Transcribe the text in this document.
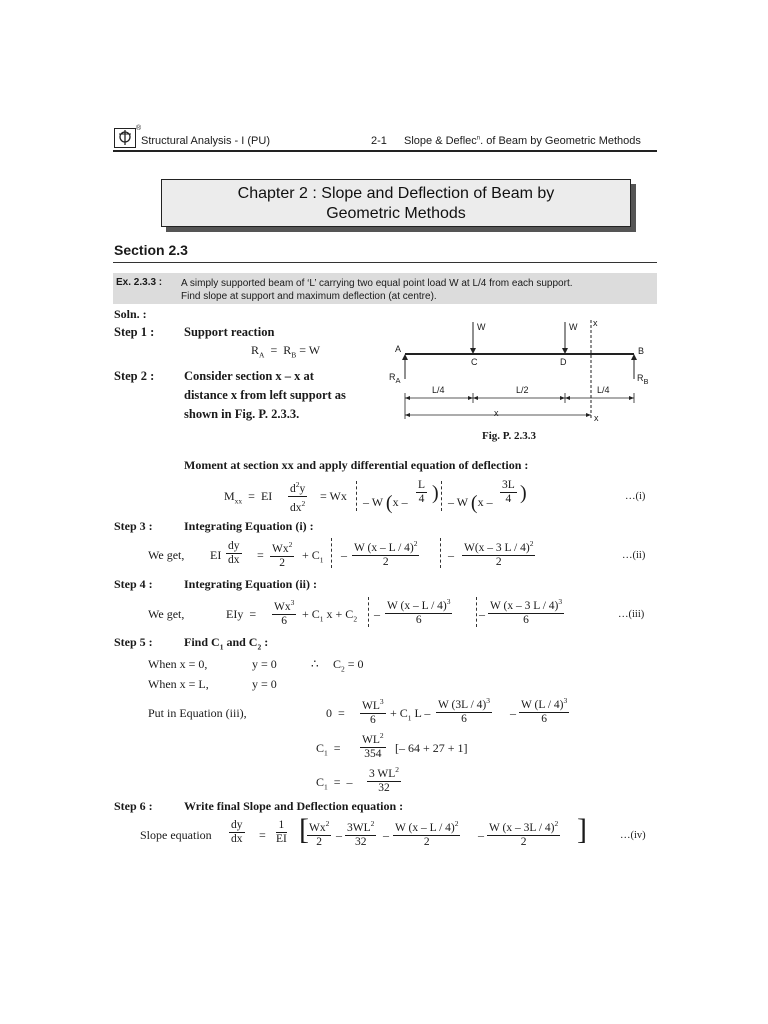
®
Structural Analysis - I (PU)	2-1 Slope & Deflec$^n$. of Beam by Geometric Methods
Chapter 2 : Slope and Deflection of Beam by
Geometric Methods
Section 2.3
Ex. 2.3.3 : A simply supported beam of ‘L’ carrying two equal point load W at L/4 from each support.
Find slope at support and maximum deflection (at centre).
Soln. :
Step 1 : Support reaction
$R_A = R_B = W$
Step 2 : Consider section x – x at
distance x from left support as
shown in Fig. P. 2.3.3.
W	W x
A	B
C	D
$R_A$	$R_B$
L/4	L/2	L/4
x	x
Fig. P. 2.3.3
Moment at section xx and apply differential equation of deflection :
$M_{xx}$  =  EI $\frac{d^2y}{dx^2} = Wx - W$ ($x - \frac{L}{4}$ ) – W ($x - \frac{3L}{4}$ )	…(i)
Step 3 :	Integrating Equation (i) :
We get, EI $\frac{dy}{dx} = \frac{Wx^2}{2} + C_1 - \frac{W (x - L / 4)^2}{2} - \frac{W(x - 3 L / 4)^2}{2}$	…(ii)
Step 4 :	Integrating Equation (ii) :
We get,	EIy  = $\frac{Wx^3}{6} + C_1$ $x + C_2 - \frac{W (x - L / 4)^3}{6} - \frac{W (x - 3 L / 4)^3}{6}$	…(iii)
Step 5 :	Find $C_1$ and $C_2$ :
When x = 0,	y = 0	∴ $C_2 = 0$
When x = L,	y = 0
Put in Equation (iii),	$0 = \frac{WL^3}{6} + C_1$ L – $\frac{W (3L / 4)^3}{6} - \frac{W (L / 4)^3}{6}$
$C_1 = \frac{WL^2}{354}$ [– 64 + 27 + 1]
$C_1$  =  – $\frac{3 WL^2}{32}$
Step 6 :	Write final Slope and Deflection equation :
Slope equation $\frac{dy}{dx} = \frac{1}{EI}$ [
$\frac{Wx^2}{2} - \frac{3WL^2}{32} - \frac{W (x - L / 4)^2}{2} - \frac{W (x - 3L / 4)^2}{2}$ ]	…(iv)
